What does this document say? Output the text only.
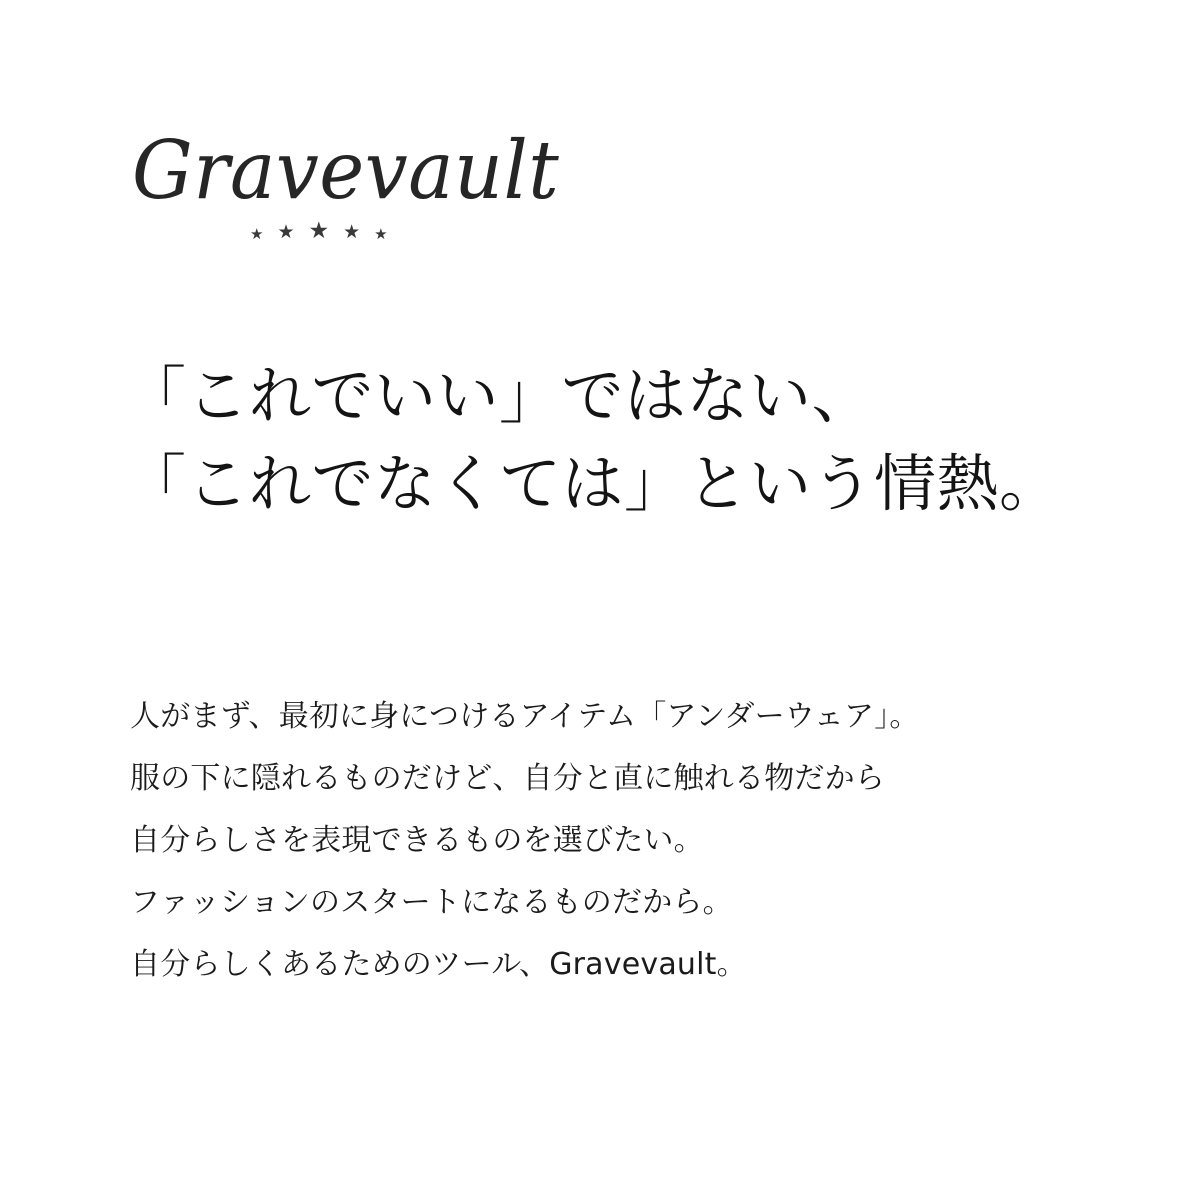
Gravevault
★ ★ ★ ★ ★
「これでいい」ではない、
「これでなくては」という情熱。
人がまず、最初に身につけるアイテム「アンダーウェア」。
服の下に隠れるものだけど、自分と直に触れる物だから
自分らしさを表現できるものを選びたい。
ファッションのスタートになるものだから。
自分らしくあるためのツール、Gravevault。
